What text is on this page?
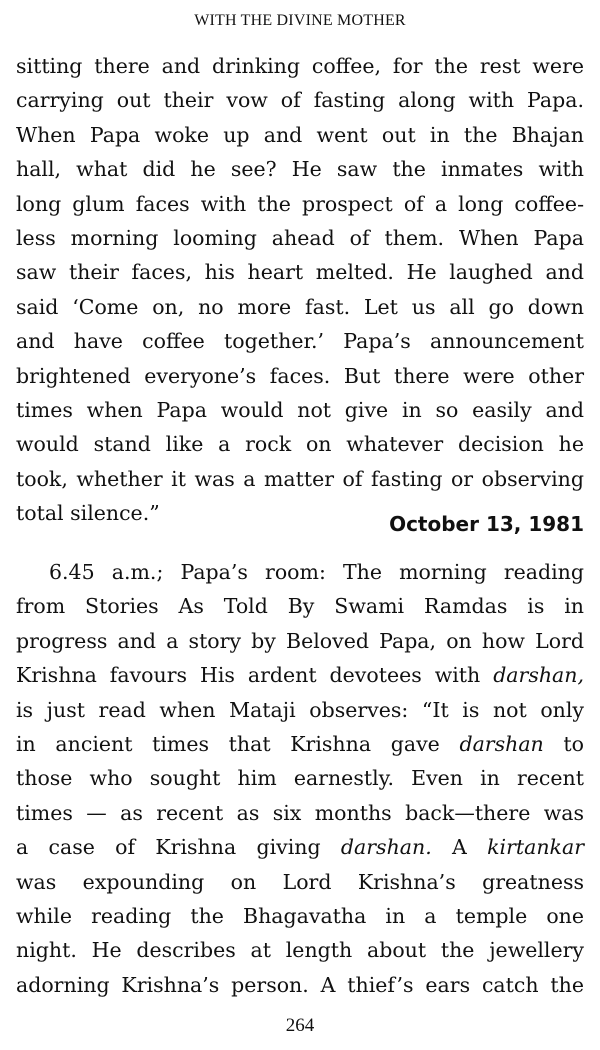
WITH THE DIVINE MOTHER
sitting there and drinking coffee, for the rest were
carrying out their vow of fasting along with Papa.
When Papa woke up and went out in the Bhajan
hall, what did he see? He saw the inmates with
long glum faces with the prospect of a long coffee-
less morning looming ahead of them. When Papa
saw their faces, his heart melted. He laughed and
said ‘Come on, no more fast. Let us all go down
and have coffee together.’ Papa’s announcement
brightened everyone’s faces. But there were other
times when Papa would not give in so easily and
would stand like a rock on whatever decision he
took, whether it was a matter of fasting or observing
total silence.”	October 13, 1981
6.45 a.m.; Papa’s room: The morning reading
from Stories As Told By Swami Ramdas is in
progress and a story by Beloved Papa, on how Lord
Krishna favours His ardent devotees with darshan,
is just read when Mataji observes: “It is not only
in ancient times that Krishna gave darshan to
those who sought him earnestly. Even in recent
times — as recent as six months back—there was
a case of Krishna giving darshan. A kirtankar
was expounding on Lord Krishna’s greatness
while reading the Bhagavatha in a temple one
night. He describes at length about the jewellery
adorning Krishna’s person. A thief’s ears catch the
264
